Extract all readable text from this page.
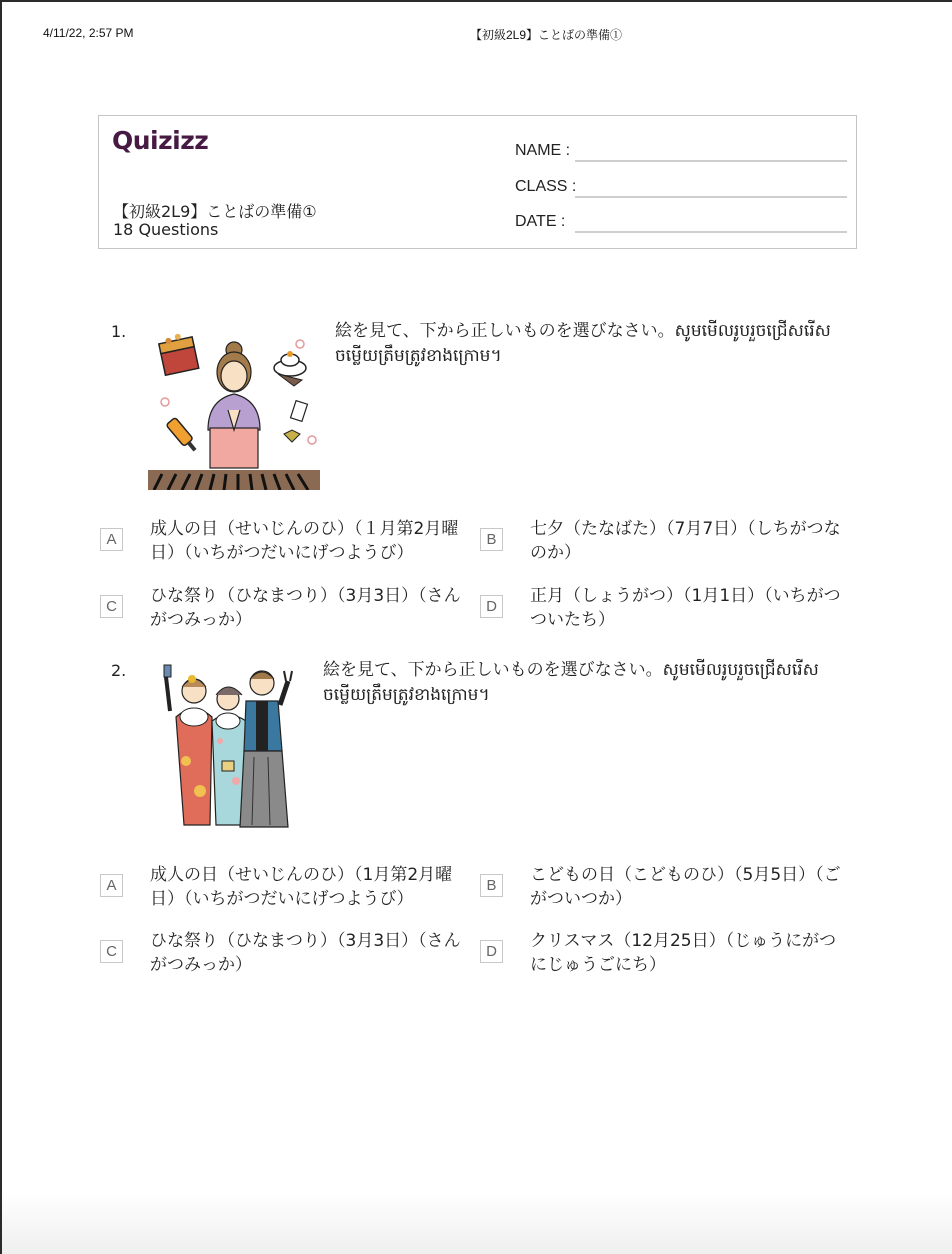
4/11/22, 2:57 PM	【初級2L9】ことばの準備①
Quizizz
【初級2L9】ことばの準備①
18 Questions
NAME :
CLASS :
DATE :
1.	絵を見て、下から正しいものを選びなさい。សូមមើលរូបរួចជ្រើសរើសចម្លើយត្រឹមត្រូវខាងក្រោម។
A
成人の日（せいじんのひ）（１月第2月曜日）（いちがつだいにげつようび）
B
七夕（たなばた）（7月7日）（しちがつなのか）
C
ひな祭り（ひなまつり）（3月3日）（さんがつみっか）
D
正月（しょうがつ）（1月1日）（いちがつついたち）
2.	絵を見て、下から正しいものを選びなさい。សូមមើលរូបរួចជ្រើសរើសចម្លើយត្រឹមត្រូវខាងក្រោម។
A
成人の日（せいじんのひ）（1月第2月曜日）（いちがつだいにげつようび）
B
こどもの日（こどものひ）（5月5日）（ごがついつか）
C
ひな祭り（ひなまつり）（3月3日）（さんがつみっか）
D
クリスマス（12月25日）（じゅうにがつにじゅうごにち）
